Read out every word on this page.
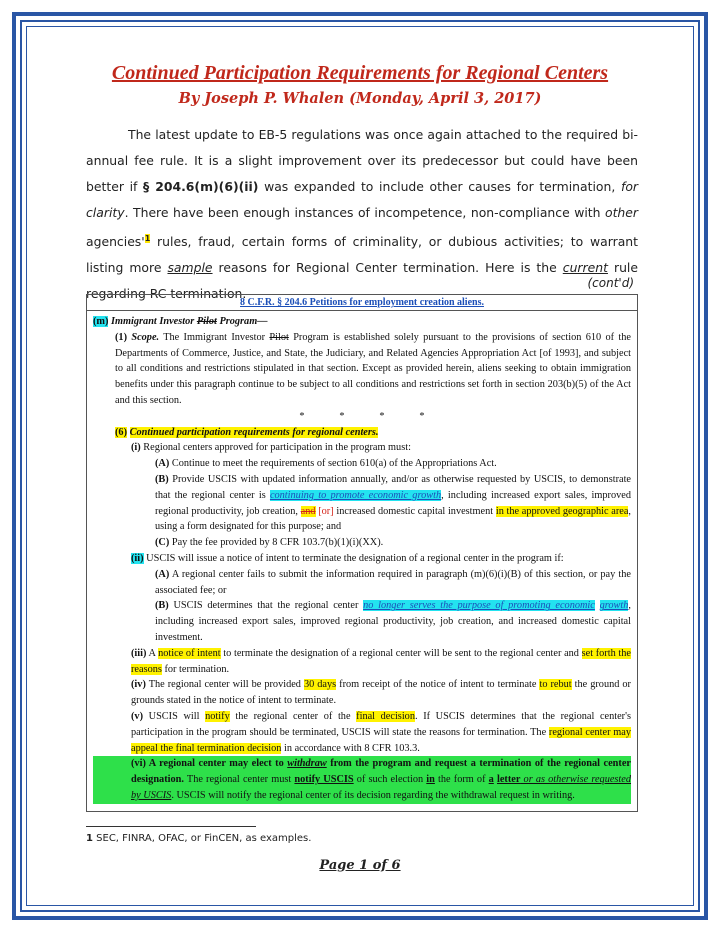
Continued Participation Requirements for Regional Centers
By Joseph P. Whalen (Monday, April 3, 2017)
The latest update to EB-5 regulations was once again attached to the required bi-annual fee rule. It is a slight improvement over its predecessor but could have been better if § 204.6(m)(6)(ii) was expanded to include other causes for termination, for clarity. There have been enough instances of incompetence, non-compliance with other $agencies'^1$ rules, fraud, certain forms of criminality, or dubious activities; to warrant listing more sample reasons for Regional Center termination. Here is the current rule regarding RC termination.
(cont'd)
8 C.F.R. § 204.6 Petitions for employment creation aliens.
(m) Immigrant Investor Pilot Program—
(1) Scope. The Immigrant Investor Pilot Program is established solely pursuant to the provisions of section 610 of the Departments of Commerce, Justice, and State, the Judiciary, and Related Agencies Appropriation Act [of 1993], and subject to all conditions and restrictions stipulated in that section. Except as provided herein, aliens seeking to obtain immigration benefits under this paragraph continue to be subject to all conditions and restrictions set forth in section 203(b)(5) of the Act and this section.
*	*	*	*
(6) Continued participation requirements for regional centers.
(i) Regional centers approved for participation in the program must:
(A) Continue to meet the requirements of section 610(a) of the Appropriations Act.
(B) Provide USCIS with updated information annually, and/or as otherwise requested by USCIS, to demonstrate that the regional center is continuing to promote economic growth, including increased export sales, improved regional productivity, job creation, and [or] increased domestic capital investment in the approved geographic area, using a form designated for this purpose; and
(C) Pay the fee provided by 8 CFR 103.7(b)(1)(i)(XX).
(ii) USCIS will issue a notice of intent to terminate the designation of a regional center in the program if:
(A) A regional center fails to submit the information required in paragraph (m)(6)(i)(B) of this section, or pay the associated fee; or
(B) USCIS determines that the regional center no longer serves the purpose of promoting economic growth, including increased export sales, improved regional productivity, job creation, and increased domestic capital investment.
(iii) A notice of intent to terminate the designation of a regional center will be sent to the regional center and set forth the reasons for termination.
(iv) The regional center will be provided 30 days from receipt of the notice of intent to terminate to rebut the ground or grounds stated in the notice of intent to terminate.
(v) USCIS will notify the regional center of the final decision. If USCIS determines that the regional center's participation in the program should be terminated, USCIS will state the reasons for termination. The regional center may appeal the final termination decision in accordance with 8 CFR 103.3.
(vi) A regional center may elect to withdraw from the program and request a termination of the regional center designation. The regional center must notify USCIS of such election in the form of a letter or as otherwise requested by USCIS. USCIS will notify the regional center of its decision regarding the withdrawal request in writing.
1 SEC, FINRA, OFAC, or FinCEN, as examples.
Page 1 of 6
